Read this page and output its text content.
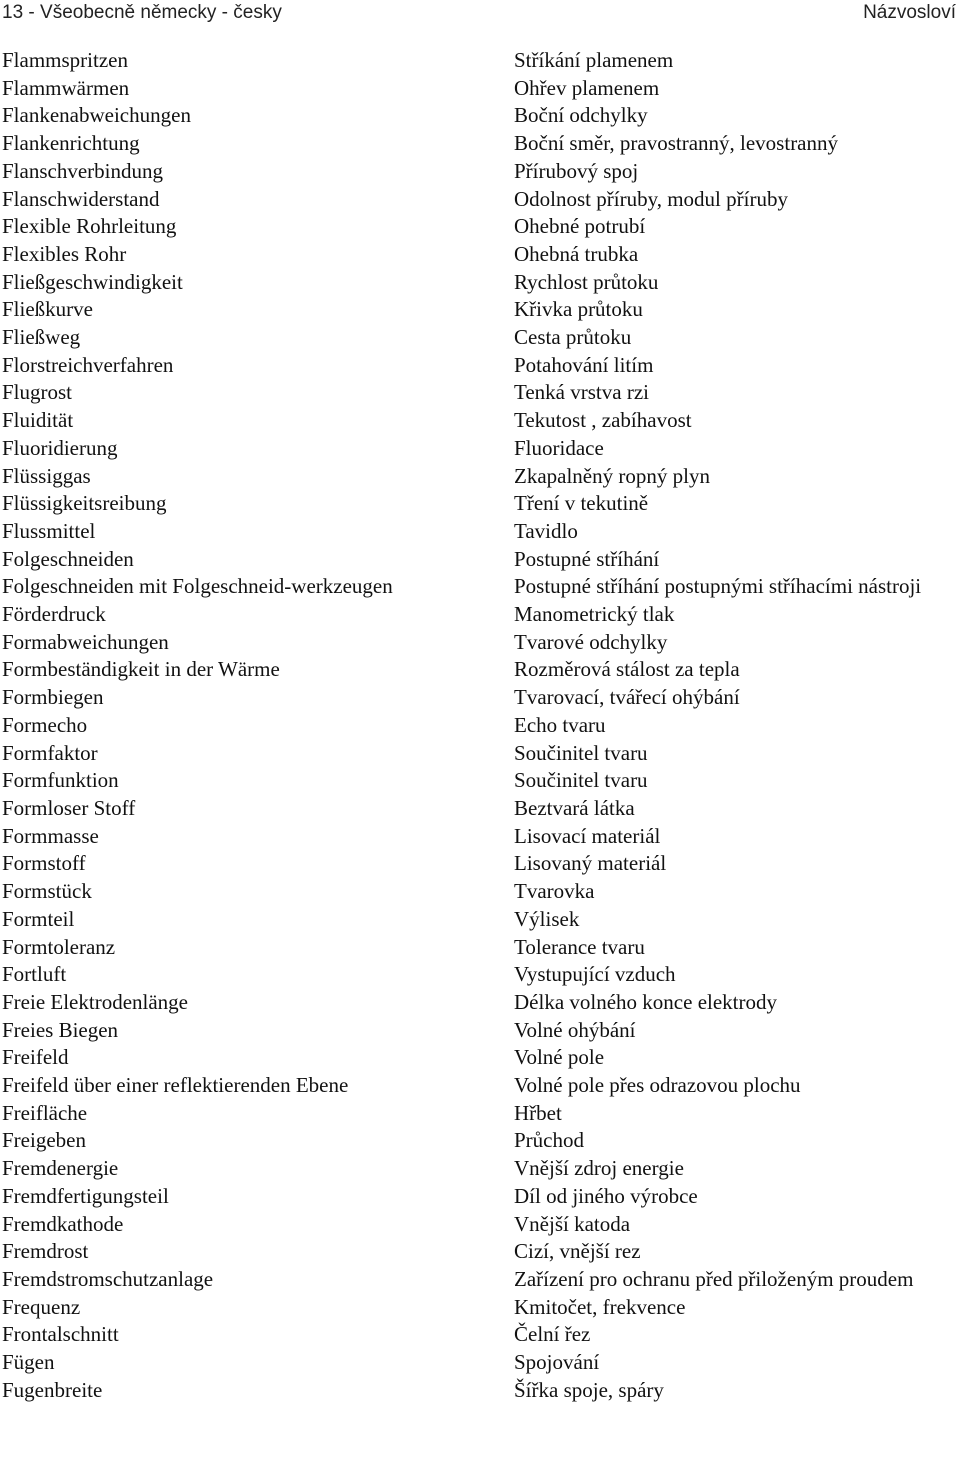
13 - Všeobecně německy - česky	Názvosloví
Flammspritzen	Stříkání plamenem
Flammwärmen	Ohřev plamenem
Flankenabweichungen	Boční odchylky
Flankenrichtung	Boční směr, pravostranný, levostranný
Flanschverbindung	Přírubový spoj
Flanschwiderstand	Odolnost příruby, modul příruby
Flexible Rohrleitung	Ohebné potrubí
Flexibles Rohr	Ohebná trubka
Fließgeschwindigkeit	Rychlost průtoku
Fließkurve	Křivka průtoku
Fließweg	Cesta průtoku
Florstreichverfahren	Potahování litím
Flugrost	Tenká vrstva rzi
Fluidität	Tekutost , zabíhavost
Fluoridierung	Fluoridace
Flüssiggas	Zkapalněný ropný plyn
Flüssigkeitsreibung	Tření v tekutině
Flussmittel	Tavidlo
Folgeschneiden	Postupné stříhání
Folgeschneiden mit Folgeschneid-werkzeugen	Postupné stříhání postupnými stříhacími nástroji
Förderdruck	Manometrický tlak
Formabweichungen	Tvarové odchylky
Formbeständigkeit in der Wärme	Rozměrová stálost za tepla
Formbiegen	Tvarovací, tvářecí ohýbání
Formecho	Echo tvaru
Formfaktor	Součinitel tvaru
Formfunktion	Součinitel tvaru
Formloser Stoff	Beztvará látka
Formmasse	Lisovací materiál
Formstoff	Lisovaný materiál
Formstück	Tvarovka
Formteil	Výlisek
Formtoleranz	Tolerance tvaru
Fortluft	Vystupující vzduch
Freie Elektrodenlänge	Délka volného konce elektrody
Freies Biegen	Volné ohýbání
Freifeld	Volné pole
Freifeld über einer reflektierenden Ebene	Volné pole přes odrazovou plochu
Freifläche	Hřbet
Freigeben	Průchod
Fremdenergie	Vnější zdroj energie
Fremdfertigungsteil	Díl od jiného výrobce
Fremdkathode	Vnější katoda
Fremdrost	Cizí, vnější rez
Fremdstromschutzanlage	Zařízení pro ochranu před přiloženým proudem
Frequenz	Kmitočet, frekvence
Frontalschnitt	Čelní řez
Fügen	Spojování
Fugenbreite	Šířka spoje, spáry
